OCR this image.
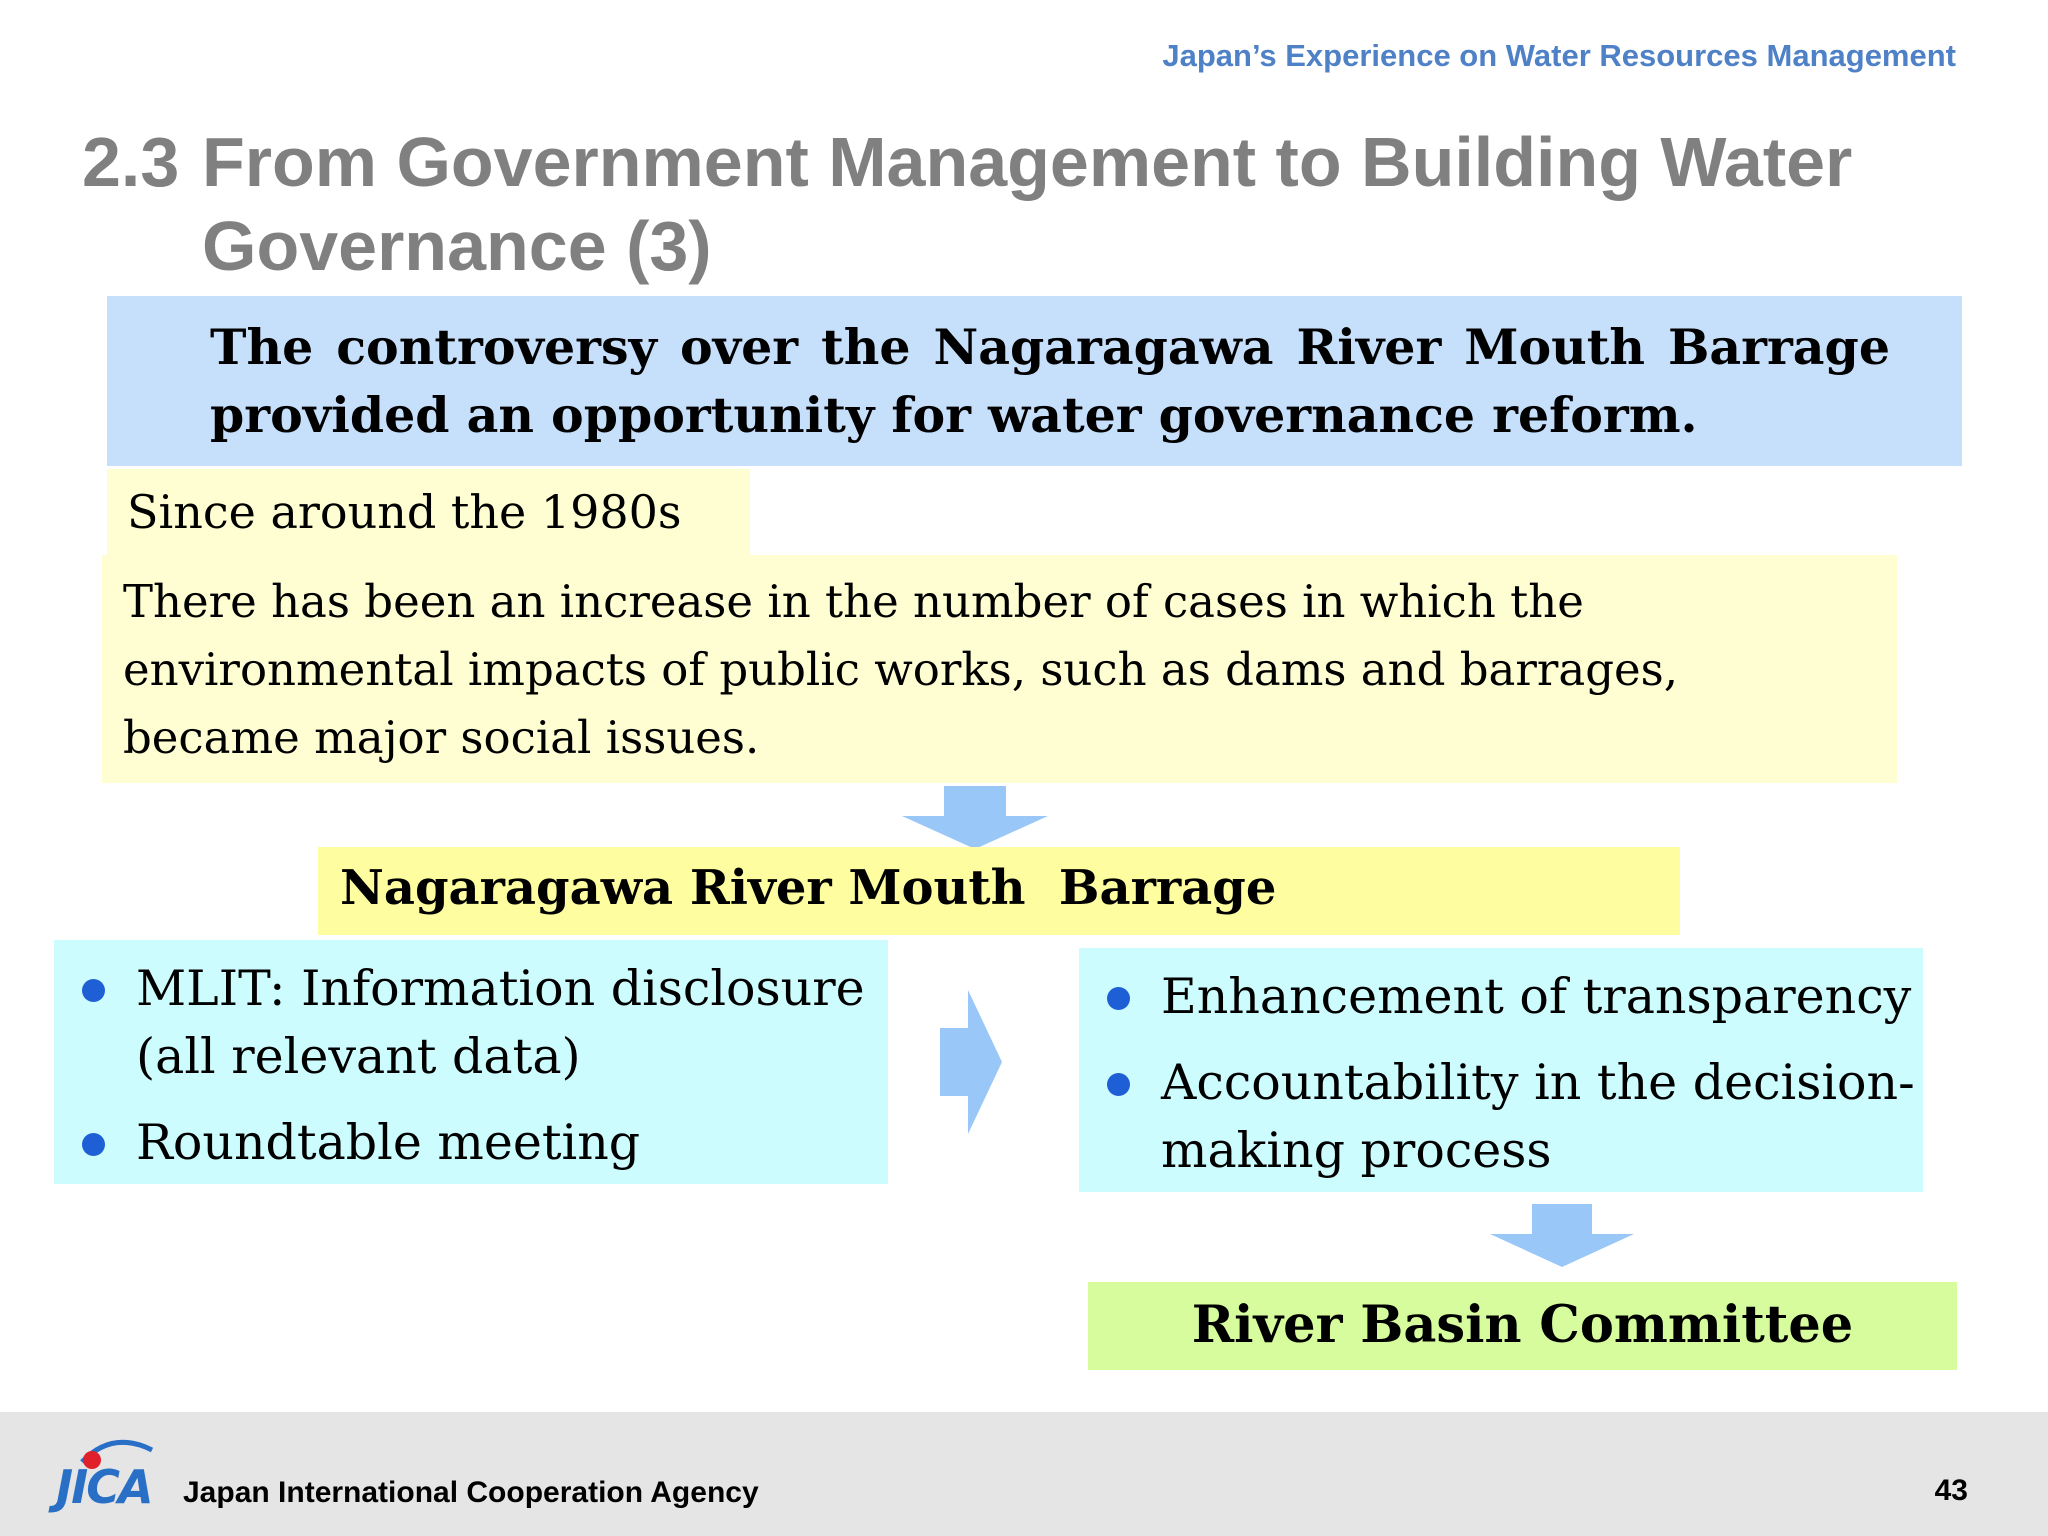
Japan’s Experience on Water Resources Management
2.3 From Government Management to Building Water
Governance (3)
The controversy over the Nagaragawa River Mouth Barrage provided an opportunity for water governance reform.
Since around the 1980s
There has been an increase in the number of cases in which the
environmental impacts of public works, such as dams and barrages,
became major social issues.
Nagaragawa River Mouth  Barrage
MLIT: Information disclosure
(all relevant data)
Roundtable meeting
Enhancement of transparency
Accountability in the decision-
making process
River Basin Committee
JICA Japan International Cooperation Agency	43
